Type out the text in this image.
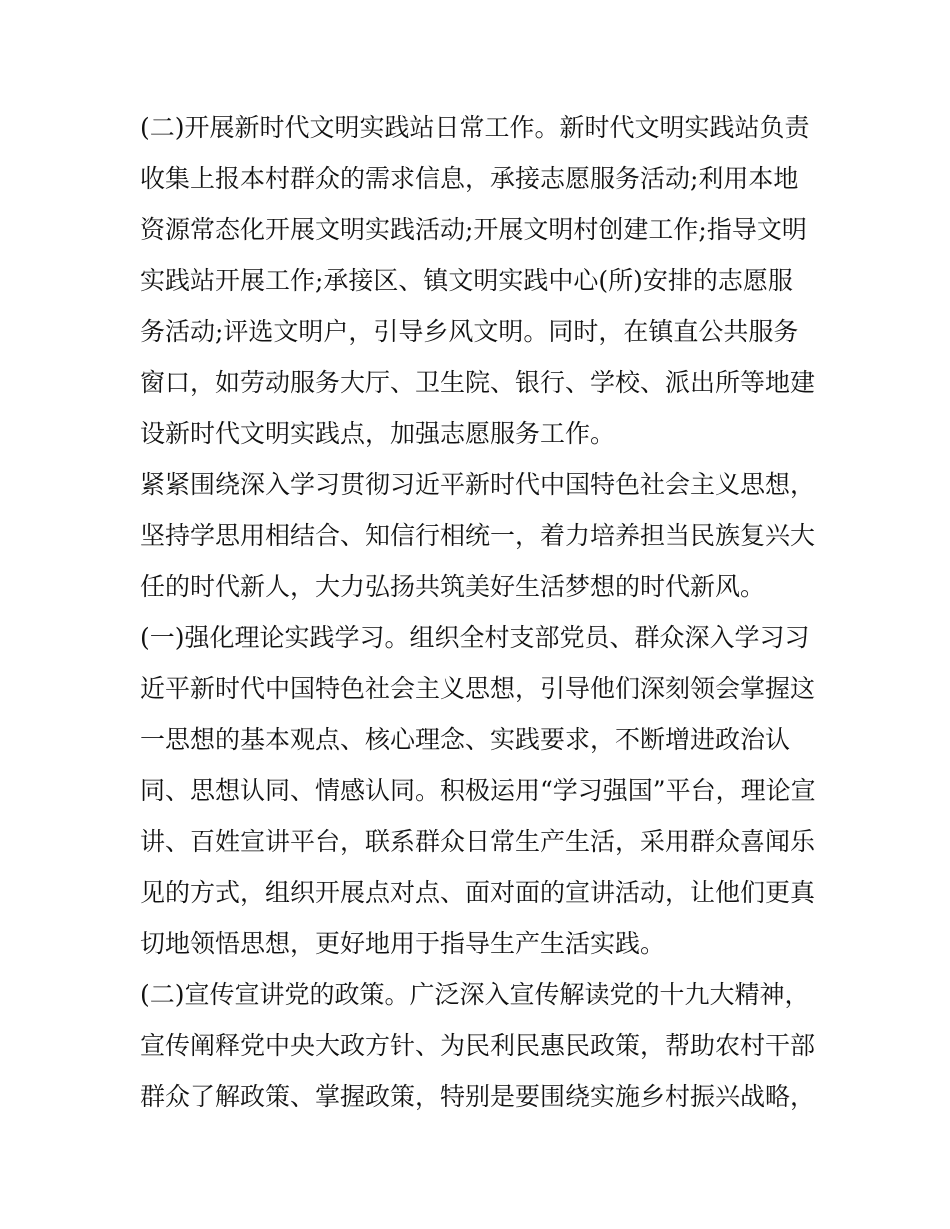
(二)开展新时代文明实践站日常工作。新时代文明实践站负责
收集上报本村群众的需求信息，承接志愿服务活动;利用本地
资源常态化开展文明实践活动;开展文明村创建工作;指导文明
实践站开展工作;承接区、镇文明实践中心(所)安排的志愿服
务活动;评选文明户，引导乡风文明。同时，在镇直公共服务
窗口，如劳动服务大厅、卫生院、银行、学校、派出所等地建
设新时代文明实践点，加强志愿服务工作。
紧紧围绕深入学习贯彻习近平新时代中国特色社会主义思想，
坚持学思用相结合、知信行相统一，着力培养担当民族复兴大
任的时代新人，大力弘扬共筑美好生活梦想的时代新风。
(一)强化理论实践学习。组织全村支部党员、群众深入学习习
近平新时代中国特色社会主义思想，引导他们深刻领会掌握这
一思想的基本观点、核心理念、实践要求，不断增进政治认
同、思想认同、情感认同。积极运用“学习强国”平台，理论宣
讲、百姓宣讲平台，联系群众日常生产生活，采用群众喜闻乐
见的方式，组织开展点对点、面对面的宣讲活动，让他们更真
切地领悟思想，更好地用于指导生产生活实践。
(二)宣传宣讲党的政策。广泛深入宣传解读党的十九大精神，
宣传阐释党中央大政方针、为民利民惠民政策，帮助农村干部
群众了解政策、掌握政策，特别是要围绕实施乡村振兴战略，
